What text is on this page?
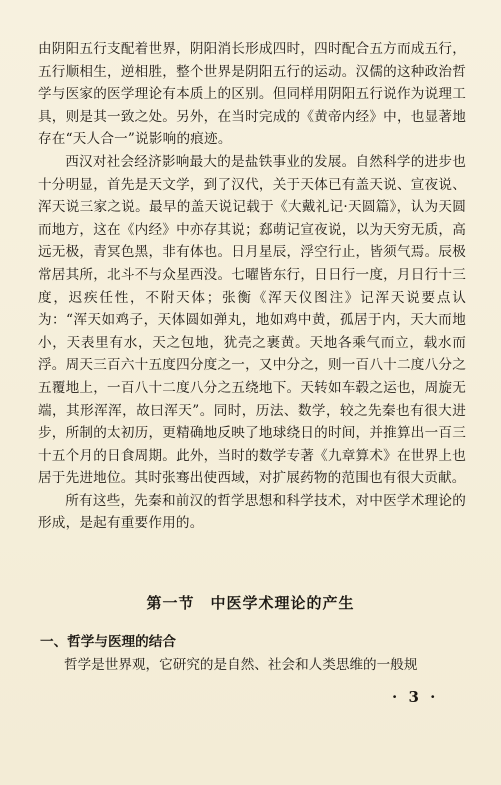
由阴阳五行支配着世界，阴阳消长形成四时，四时配合五方而成五行，五行顺相生，逆相胜，整个世界是阴阳五行的运动。汉儒的这种政治哲学与医家的医学理论有本质上的区别。但同样用阴阳五行说作为说理工具，则是其一致之处。另外，在当时完成的《黄帝内经》中，也显著地存在“天人合一”说影响的痕迹。

西汉对社会经济影响最大的是盐铁事业的发展。自然科学的进步也十分明显，首先是天文学，到了汉代，关于天体已有盖天说、宣夜说、浑天说三家之说。最早的盖天说记载于《大戴礼记·天圆篇》，认为天圆而地方，这在《内经》中亦存其说；郄萌记宣夜说，以为天穷无质，高远无极，青冥色黑，非有体也。日月星辰，浮空行止，皆须气焉。辰极常居其所，北斗不与众星西没。七曜皆东行，日日行一度，月日行十三度，迟疾任性，不附天体；张衡《浑天仪图注》记浑天说要点认为：“浑天如鸡子，天体圆如弹丸，地如鸡中黄，孤居于内，天大而地小，天表里有水，天之包地，犹壳之裹黄。天地各乘气而立，载水而浮。周天三百六十五度四分度之一，又中分之，则一百八十二度八分之五覆地上，一百八十二度八分之五绕地下。天转如车毂之运也，周旋无端，其形浑浑，故曰浑天”。同时，历法、数学，较之先秦也有很大进步，所制的太初历，更精确地反映了地球绕日的时间，并推算出一百三十五个月的日食周期。此外，当时的数学专著《九章算术》在世界上也居于先进地位。其时张骞出使西域，对扩展药物的范围也有很大贡献。

所有这些，先秦和前汉的哲学思想和科学技术，对中医学术理论的形成，是起有重要作用的。

第一节　中医学术理论的产生
一、哲学与医理的结合
哲学是世界观，它研究的是自然、社会和人类思维的一般规
· 3 ·
